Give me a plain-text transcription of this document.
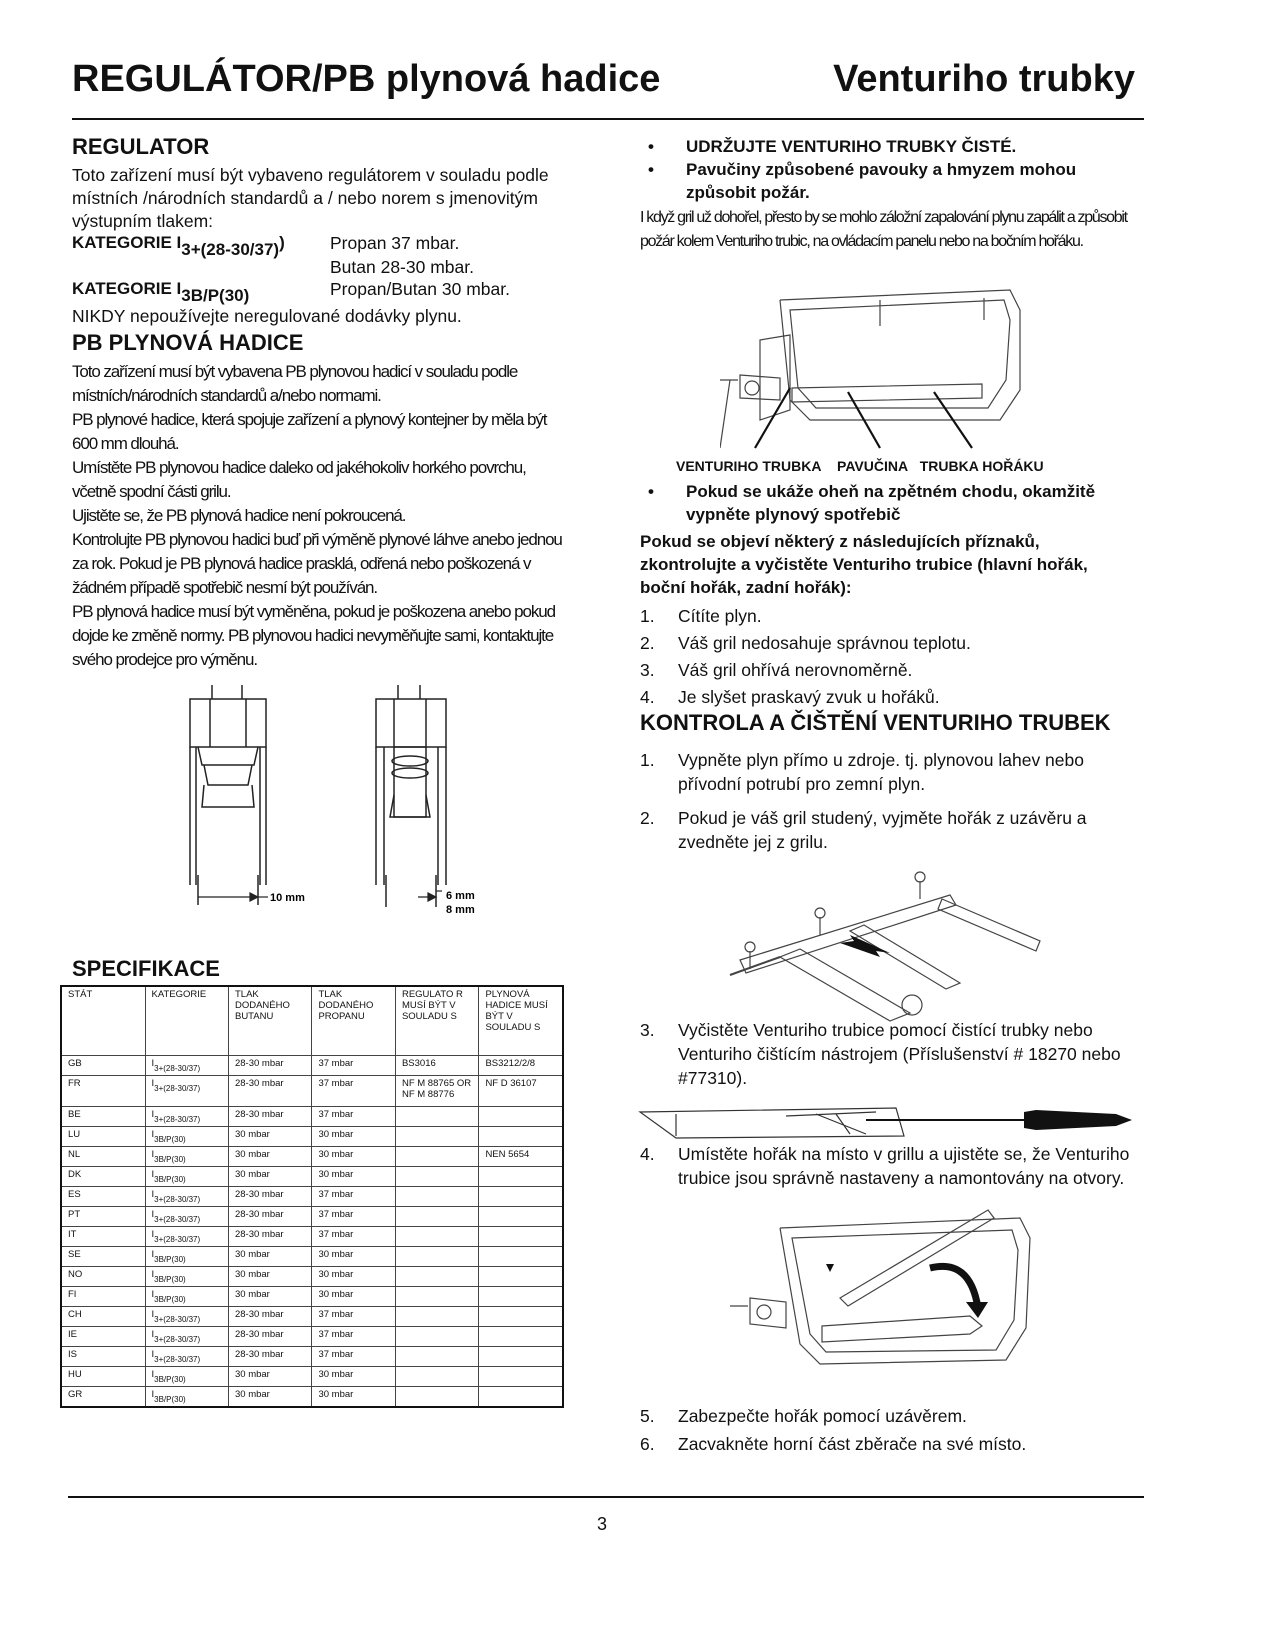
REGULÁTOR/PB plynová hadice	Venturiho trubky
REGULATOR
Toto zařízení musí být vybaveno regulátorem v souladu podle místních /národních standardů a / nebo norem s jmenovitým výstupním tlakem:
KATEGORIE I3+(28-30/37))	Propan 37 mbar.
Butan 28-30 mbar.
KATEGORIE I3B/P(30)	Propan/Butan 30 mbar.
NIKDY nepoužívejte neregulované dodávky plynu.
PB PLYNOVÁ HADICE
Toto zařízení musí být vybavena PB plynovou hadicí v souladu podle místních/národních standardů a/nebo normami.
PB plynové hadice, která spojuje zařízení a plynový kontejner by měla být 600 mm dlouhá.
Umístěte PB plynovou hadice daleko od jakéhokoliv horkého povrchu, včetně spodní části grilu.
Ujistěte se, že PB plynová hadice není pokroucená.
Kontrolujte PB plynovou hadici buď při výměně plynové láhve anebo jednou za rok. Pokud je PB plynová hadice prasklá, odřená nebo poškozená v žádném případě spotřebič nesmí být používán.
PB plynová hadice musí být vyměněna, pokud je poškozena anebo pokud dojde ke změně normy. PB plynovou hadici nevyměňujte sami, kontaktujte svého prodejce pro výměnu.
10 mm	6 mm
8 mm
SPECIFIKACE
STÁT	KATEGORIE	TLAK DODANÉHO BUTANU	TLAK DODANÉHO PROPANU	REGULATO R MUSÍ BÝT V SOULADU S	PLYNOVÁ HADICE MUSÍ BÝT V SOULADU S
GB	$I_{3+(28-30/37)}$	28-30 mbar	37 mbar	BS3016	BS3212/2/8
FR	$I_{3+(28-30/37)}$	28-30 mbar	37 mbar	NF M 88765 OR NF M 88776	NF D 36107
BE	$I_{3+(28-30/37)}$	28-30 mbar	37 mbar		
LU	$I_{3B/P(30)}$	30 mbar	30 mbar		
NL	$I_{3B/P(30)}$	30 mbar	30 mbar		NEN 5654
DK	$I_{3B/P(30)}$	30 mbar	30 mbar		
ES	$I_{3+(28-30/37)}$	28-30 mbar	37 mbar		
PT	$I_{3+(28-30/37)}$	28-30 mbar	37 mbar		
IT	$I_{3+(28-30/37)}$	28-30 mbar	37 mbar		
SE	$I_{3B/P(30)}$	30 mbar	30 mbar		
NO	$I_{3B/P(30)}$	30 mbar	30 mbar		
FI	$I_{3B/P(30)}$	30 mbar	30 mbar		
CH	$I_{3+(28-30/37)}$	28-30 mbar	37 mbar		
IE	$I_{3+(28-30/37)}$	28-30 mbar	37 mbar		
IS	$I_{3+(28-30/37)}$	28-30 mbar	37 mbar		
HU	$I_{3B/P(30)}$	30 mbar	30 mbar		
GR	$I_{3B/P(30)}$	30 mbar	30 mbar		
•	UDRŽUJTE VENTURIHO TRUBKY ČISTÉ.
•	Pavučiny způsobené pavouky a hmyzem mohou způsobit požár.
I když gril už dohořel, přesto by se mohlo záložní zapalování plynu zapálit a způsobit požár kolem Venturiho trubic, na ovládacím panelu nebo na bočním hořáku.
VENTURIHO TRUBKA PAVUČINA TRUBKA HOŘÁKU
•	Pokud se ukáže oheň na zpětném chodu, okamžitě vypněte plynový spotřebič
Pokud se objeví některý z následujících příznaků, zkontrolujte a vyčistěte Venturiho trubice (hlavní hořák, boční hořák, zadní hořák):
1.	Cítíte plyn.
2.	Váš gril nedosahuje správnou teplotu.
3.	Váš gril ohřívá nerovnoměrně.
4.	Je slyšet praskavý zvuk u hořáků.
KONTROLA A ČIŠTĚNÍ VENTURIHO TRUBEK
1.	Vypněte plyn přímo u zdroje. tj. plynovou lahev nebo přívodní potrubí pro zemní plyn.
2.	Pokud je váš gril studený, vyjměte hořák z uzávěru a zvedněte jej z grilu.
3.	Vyčistěte Venturiho trubice pomocí čistící trubky nebo Venturiho čištícím nástrojem (Příslušenství # 18270 nebo #77310).
4.	Umístěte hořák na místo v grillu a ujistěte se, že Venturiho trubice jsou správně nastaveny a namontovány na otvory.
5.	Zabezpečte hořák pomocí uzávěrem.
6.	Zacvakněte horní část zběrače na své místo.
3
